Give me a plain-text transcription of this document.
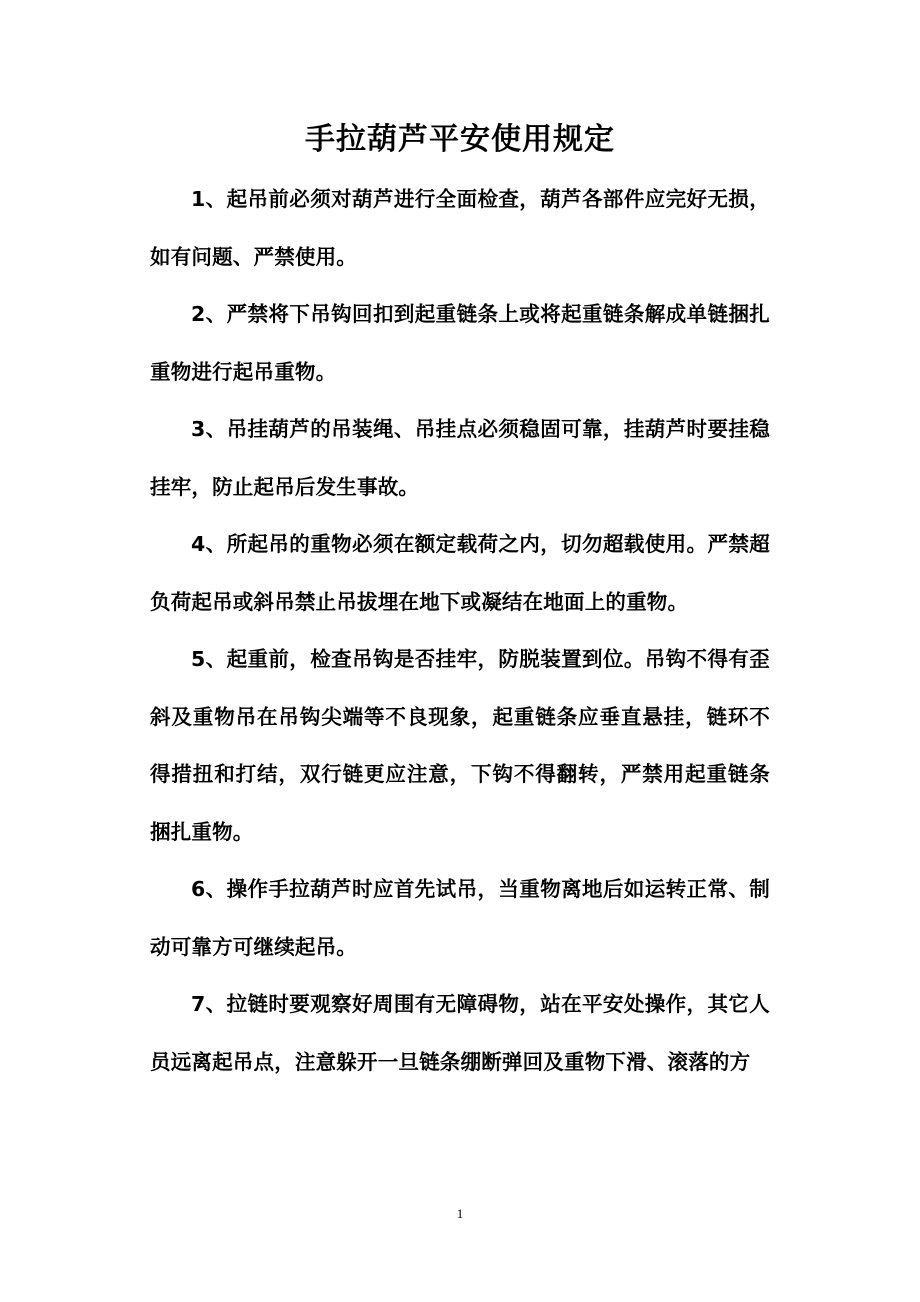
手拉葫芦平安使用规定

1、起吊前必须对葫芦进行全面检查，葫芦各部件应完好无损，如有问题、严禁使用。

2、严禁将下吊钩回扣到起重链条上或将起重链条解成单链捆扎重物进行起吊重物。

3、吊挂葫芦的吊装绳、吊挂点必须稳固可靠，挂葫芦时要挂稳挂牢，防止起吊后发生事故。

4、所起吊的重物必须在额定载荷之内，切勿超载使用。严禁超负荷起吊或斜吊禁止吊拔埋在地下或凝结在地面上的重物。

5、起重前，检查吊钩是否挂牢，防脱装置到位。吊钩不得有歪斜及重物吊在吊钩尖端等不良现象，起重链条应垂直悬挂，链环不得措扭和打结，双行链更应注意，下钩不得翻转，严禁用起重链条捆扎重物。

6、操作手拉葫芦时应首先试吊，当重物离地后如运转正常、制动可靠方可继续起吊。

7、拉链时要观察好周围有无障碍物，站在平安处操作，其它人员远离起吊点，注意躲开一旦链条绷断弹回及重物下滑、滚落的方

1
